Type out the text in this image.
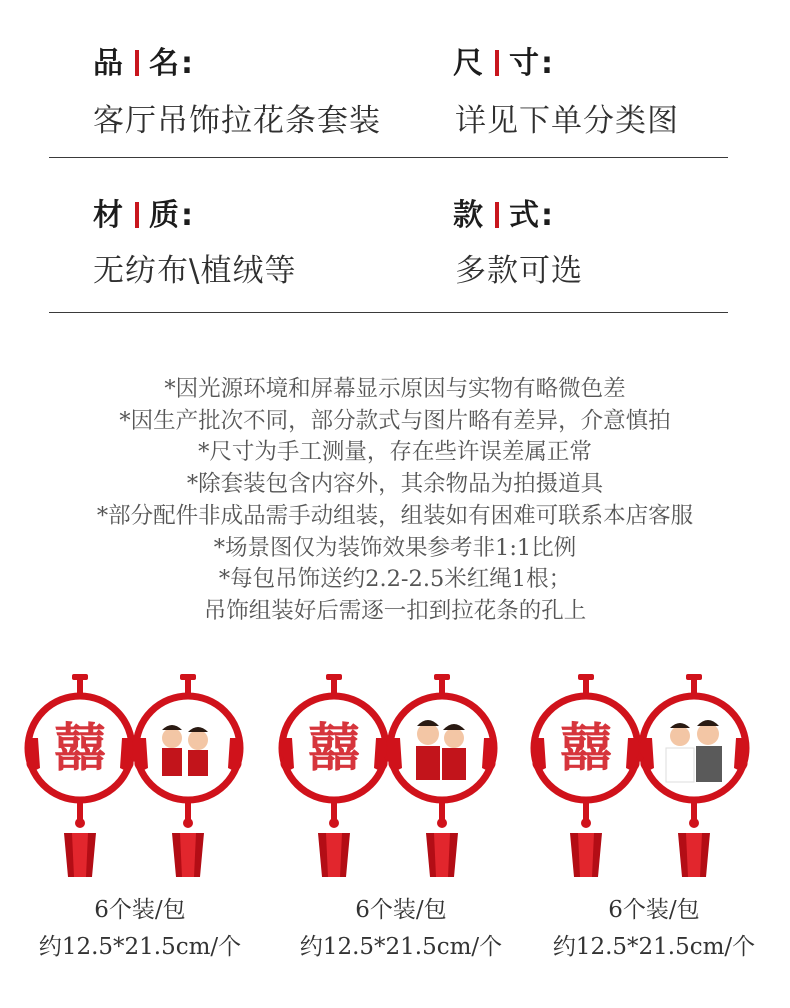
品 名:
客厅吊饰拉花条套装
尺 寸:
详见下单分类图
材 质:
无纺布\植绒等
款 式:
多款可选
*因光源环境和屏幕显示原因与实物有略微色差
*因生产批次不同，部分款式与图片略有差异，介意慎拍
*尺寸为手工测量，存在些许误差属正常
*除套装包含内容外，其余物品为拍摄道具
*部分配件非成品需手动组装，组装如有困难可联系本店客服
*场景图仅为装饰效果参考非1:1比例
*每包吊饰送约2.2-2.5米红绳1根；
吊饰组装好后需逐一扣到拉花条的孔上
囍	囍	囍
6个装/包
约12.5*21.5cm/个
6个装/包
约12.5*21.5cm/个
6个装/包
约12.5*21.5cm/个
